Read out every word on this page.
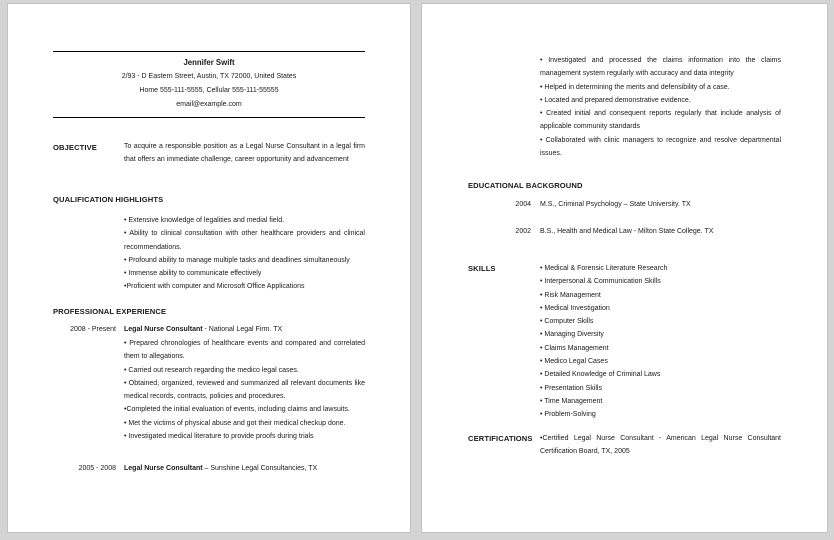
Jennifer Swift
2/93 - D Eastern Street, Austin, TX 72000, United States
Home 555-111-5555, Cellular 555-111-55555
email@example.com
OBJECTIVE	To acquire a responsible position as a Legal Nurse Consultant in a legal firm that offers an immediate challenge, career opportunity and advancement
QUALIFICATION HIGHLIGHTS
• Extensive knowledge of legalities and medial field.
• Ability to clinical consultation with other healthcare providers and clinical recommendations.
• Profound ability to manage multiple tasks and deadlines simultaneously
• Immense ability to communicate effectively
•Proficient with computer and Microsoft Office Applications
PROFESSIONAL EXPERIENCE
2008 - Present Legal Nurse Consultant - National Legal Firm. TX
• Prepared chronologies of healthcare events and compared and correlated them to allegations.
• Carried out research regarding the medico legal cases.
• Obtained, organized, reviewed and summarized all relevant documents like medical records, contracts, policies and procedures.
•Completed the initial evaluation of events, including claims and lawsuits.
• Met the victims of physical abuse and got their medical checkup done.
• Investigated medical literature to provide proofs during trials
2005 - 2008 Legal Nurse Consultant – Sunshine Legal Consultancies, TX
• Investigated and processed the claims information into the claims management system regularly with accuracy and data integrity
• Helped in determining the merits and defensibility of a case.
• Located and prepared demonstrative evidence.
• Created initial and consequent reports regularly that include analysis of applicable community standards
• Collaborated with clinic managers to recognize and resolve departmental issues.
EDUCATIONAL BACKGROUND
2004 M.S., Criminal Psychology – State University. TX
2002 B.S., Health and Medical Law - Milton State College. TX
SKILLS	• Medical & Forensic Literature Research
• Interpersonal & Communication Skills
• Risk Management
• Medical Investigation
• Computer Skills
• Managing Diversity
• Claims Management
• Medico Legal Cases
• Detailed Knowledge of Criminal Laws
• Presentation Skills
• Time Management
• Problem-Solving
CERTIFICATIONS •Certified Legal Nurse Consultant - American Legal Nurse Consultant Certification Board, TX, 2005
